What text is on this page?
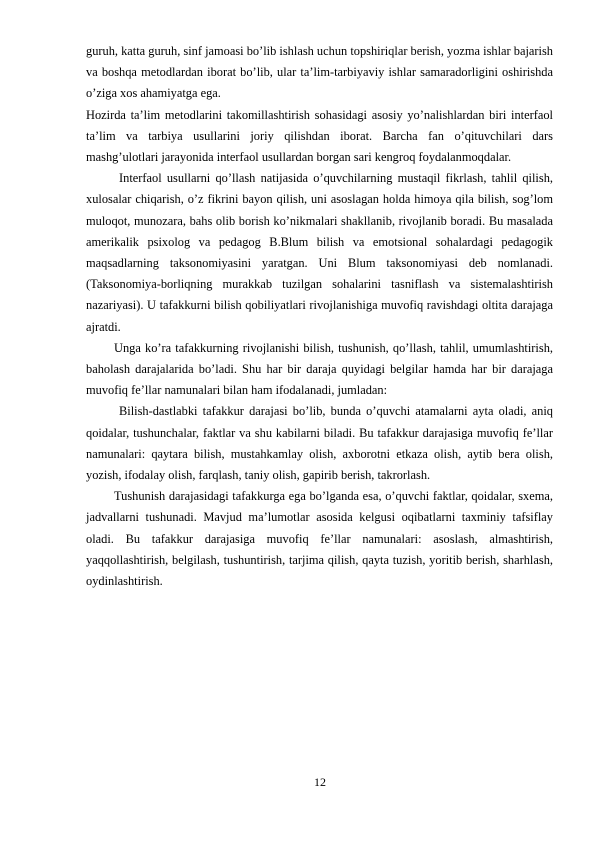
guruh, katta guruh, sinf jamoasi bo’lib ishlash uchun topshiriqlar berish, yozma ishlar bajarish va boshqa metodlardan iborat bo’lib, ular ta’lim-tarbiyaviy ishlar samaradorligini oshirishda o’ziga xos ahamiyatga ega.

Hozirda ta’lim metodlarini takomillashtirish sohasidagi asosiy yo’nalishlardan biri interfaol ta’lim va tarbiya usullarini joriy qilishdan iborat. Barcha fan o’qituvchilari dars mashg’ulotlari jarayonida interfaol usullardan borgan sari kengroq foydalanmoqdalar.

Interfaol usullarni qo’llash natijasida o’quvchilarning mustaqil fikrlash, tahlil qilish, xulosalar chiqarish, o’z fikrini bayon qilish, uni asoslagan holda himoya qila bilish, sog’lom muloqot, munozara, bahs olib borish ko’nikmalari shakllanib, rivojlanib boradi. Bu masalada amerikalik psixolog va pedagog B.Blum bilish va emotsional sohalardagi pedagogik maqsadlarning taksonomiyasini yaratgan. Uni Blum taksonomiyasi deb nomlanadi. (Taksonomiya-borliqning murakkab tuzilgan sohalarini tasniflash va sistemalashtirish nazariyasi). U tafakkurni bilish qobiliyatlari rivojlanishiga muvofiq ravishdagi oltita darajaga ajratdi.

Unga ko’ra tafakkurning rivojlanishi bilish, tushunish, qo’llash, tahlil, umumlashtirish, baholash darajalarida bo’ladi. Shu har bir daraja quyidagi belgilar hamda har bir darajaga muvofiq fe’llar namunalari bilan ham ifodalanadi, jumladan:

Bilish-dastlabki tafakkur darajasi bo’lib, bunda o’quvchi atamalarni ayta oladi, aniq qoidalar, tushunchalar, faktlar va shu kabilarni biladi. Bu tafakkur darajasiga muvofiq fe’llar namunalari: qaytara bilish, mustahkamlay olish, axborotni etkaza olish, aytib bera olish, yozish, ifodalay olish, farqlash, taniy olish, gapirib berish, takrorlash.

Tushunish darajasidagi tafakkurga ega bo’lganda esa, o’quvchi faktlar, qoidalar, sxema, jadvallarni tushunadi. Mavjud ma’lumotlar asosida kelgusi oqibatlarni taxminiy tafsiflay oladi. Bu tafakkur darajasiga muvofiq fe’llar namunalari: asoslash, almashtirish, yaqqollashtirish, belgilash, tushuntirish, tarjima qilish, qayta tuzish, yoritib berish, sharhlash, oydinlashtirish.

12
